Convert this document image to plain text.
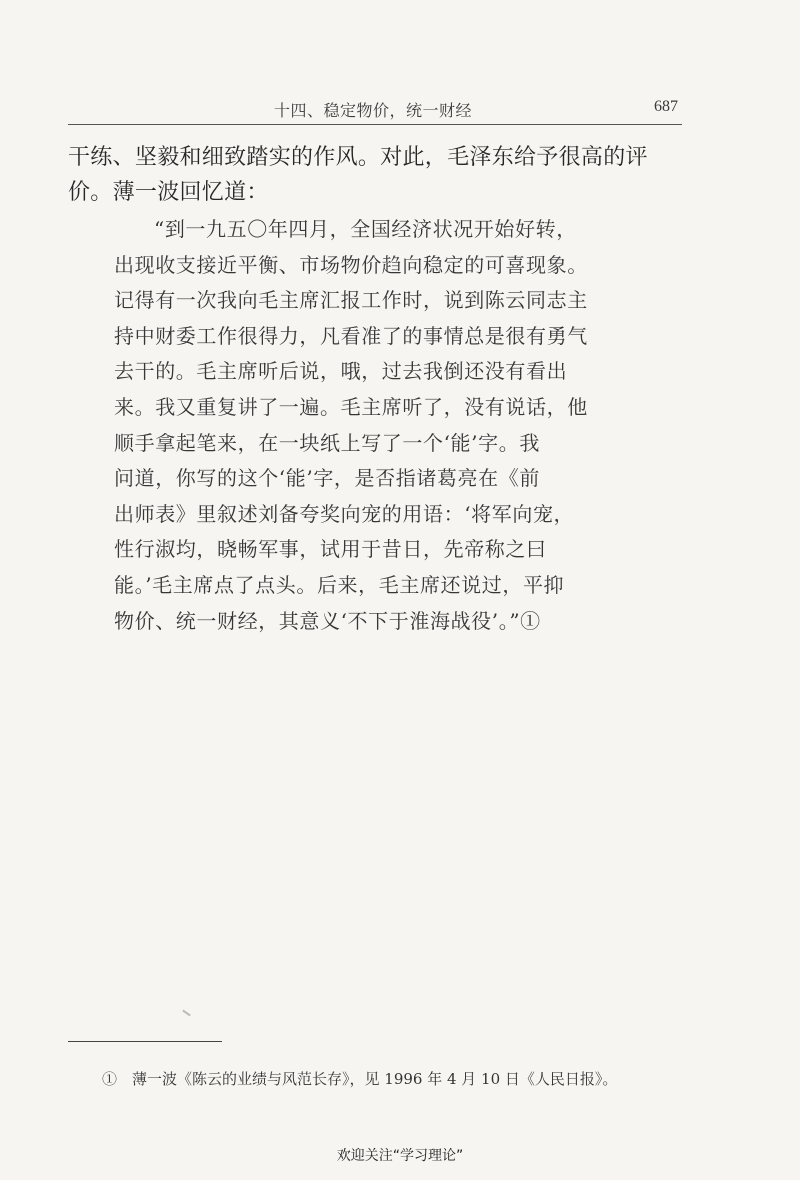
十四、稳定物价，统一财经	687
干练、坚毅和细致踏实的作风。对此，毛泽东给予很高的评
价。薄一波回忆道：
“到一九五〇年四月，全国经济状况开始好转，
出现收支接近平衡、市场物价趋向稳定的可喜现象。
记得有一次我向毛主席汇报工作时，说到陈云同志主
持中财委工作很得力，凡看准了的事情总是很有勇气
去干的。毛主席听后说，哦，过去我倒还没有看出
来。我又重复讲了一遍。毛主席听了，没有说话，他
顺手拿起笔来，在一块纸上写了一个‘能’字。我
问道，你写的这个‘能’字，是否指诸葛亮在《前
出师表》里叙述刘备夸奖向宠的用语：‘将军向宠，
性行淑均，晓畅军事，试用于昔日，先帝称之曰
能。’毛主席点了点头。后来，毛主席还说过，平抑
物价、统一财经，其意义‘不下于淮海战役’。”①
①　薄一波《陈云的业绩与风范长存》，见 1996 年 4 月 10 日《人民日报》。
欢迎关注“学习理论”
